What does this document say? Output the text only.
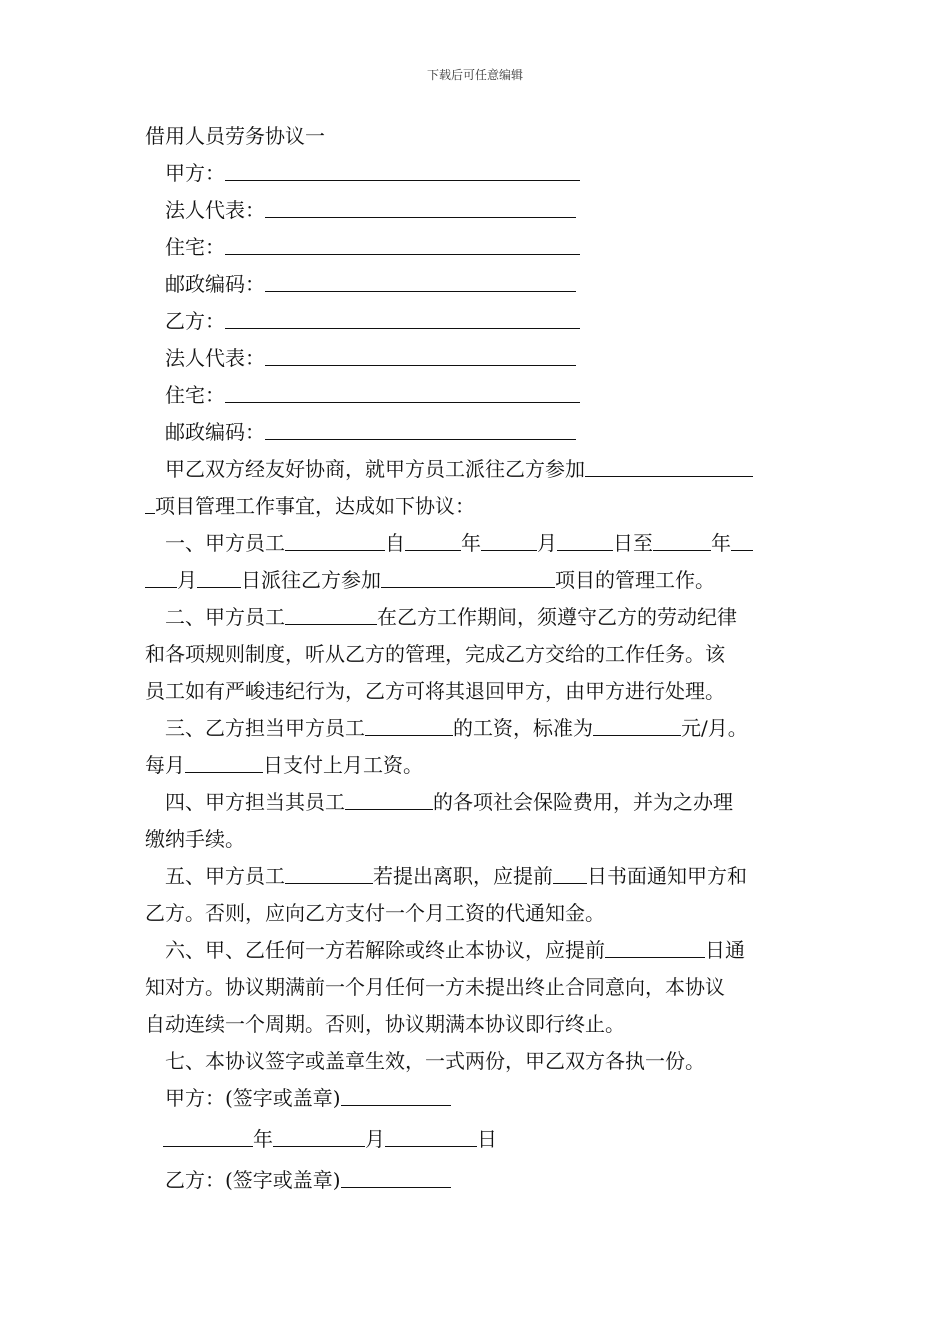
下载后可任意编辑
借用人员劳务协议一
甲方：
法人代表：
住宅：
邮政编码：
乙方：
法人代表：
住宅：
邮政编码：
甲乙双方经友好协商，就甲方员工派往乙方参加
项目管理工作事宜，达成如下协议：
一、甲方员工	自	年	月	日至	年
月 日派往乙方参加	项目的管理工作。
二、甲方员工	在乙方工作期间，须遵守乙方的劳动纪律
和各项规则制度，听从乙方的管理，完成乙方交给的工作任务。该
员工如有严峻违纪行为，乙方可将其退回甲方，由甲方进行处理。
三、乙方担当甲方员工	的工资，标准为	元/月。
每月	日支付上月工资。
四、甲方担当其员工	的各项社会保险费用，并为之办理
缴纳手续。
五、甲方员工	若提出离职，应提前 日书面通知甲方和
乙方。否则，应向乙方支付一个月工资的代通知金。
六、甲、乙任何一方若解除或终止本协议，应提前	日通
知对方。协议期满前一个月任何一方未提出终止合同意向，本协议
自动连续一个周期。否则，协议期满本协议即行终止。
七、本协议签字或盖章生效，一式两份，甲乙双方各执一份。
甲方：(签字或盖章)
年	月	日
乙方：(签字或盖章)
